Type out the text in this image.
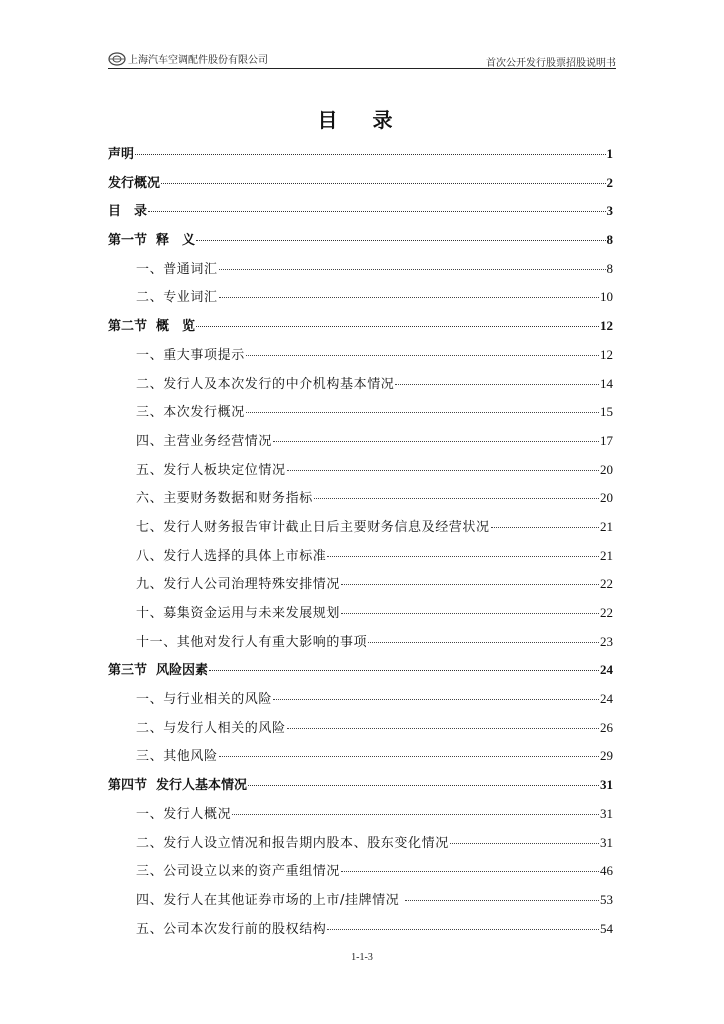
上海汽车空调配件股份有限公司	首次公开发行股票招股说明书
目 录
声明	1
发行概况	2
目　录	3
第一节  释　义	8
一、普通词汇	8
二、专业词汇	10
第二节  概　览	12
一、重大事项提示	12
二、发行人及本次发行的中介机构基本情况	14
三、本次发行概况	15
四、主营业务经营情况	17
五、发行人板块定位情况	20
六、主要财务数据和财务指标	20
七、发行人财务报告审计截止日后主要财务信息及经营状况	21
八、发行人选择的具体上市标准	21
九、发行人公司治理特殊安排情况	22
十、募集资金运用与未来发展规划	22
十一、其他对发行人有重大影响的事项	23
第三节  风险因素	24
一、与行业相关的风险	24
二、与发行人相关的风险	26
三、其他风险	29
第四节  发行人基本情况	31
一、发行人概况	31
二、发行人设立情况和报告期内股本、股东变化情况	31
三、公司设立以来的资产重组情况	46
四、发行人在其他证券市场的上市/挂牌情况	53
五、公司本次发行前的股权结构	54
1-1-3
